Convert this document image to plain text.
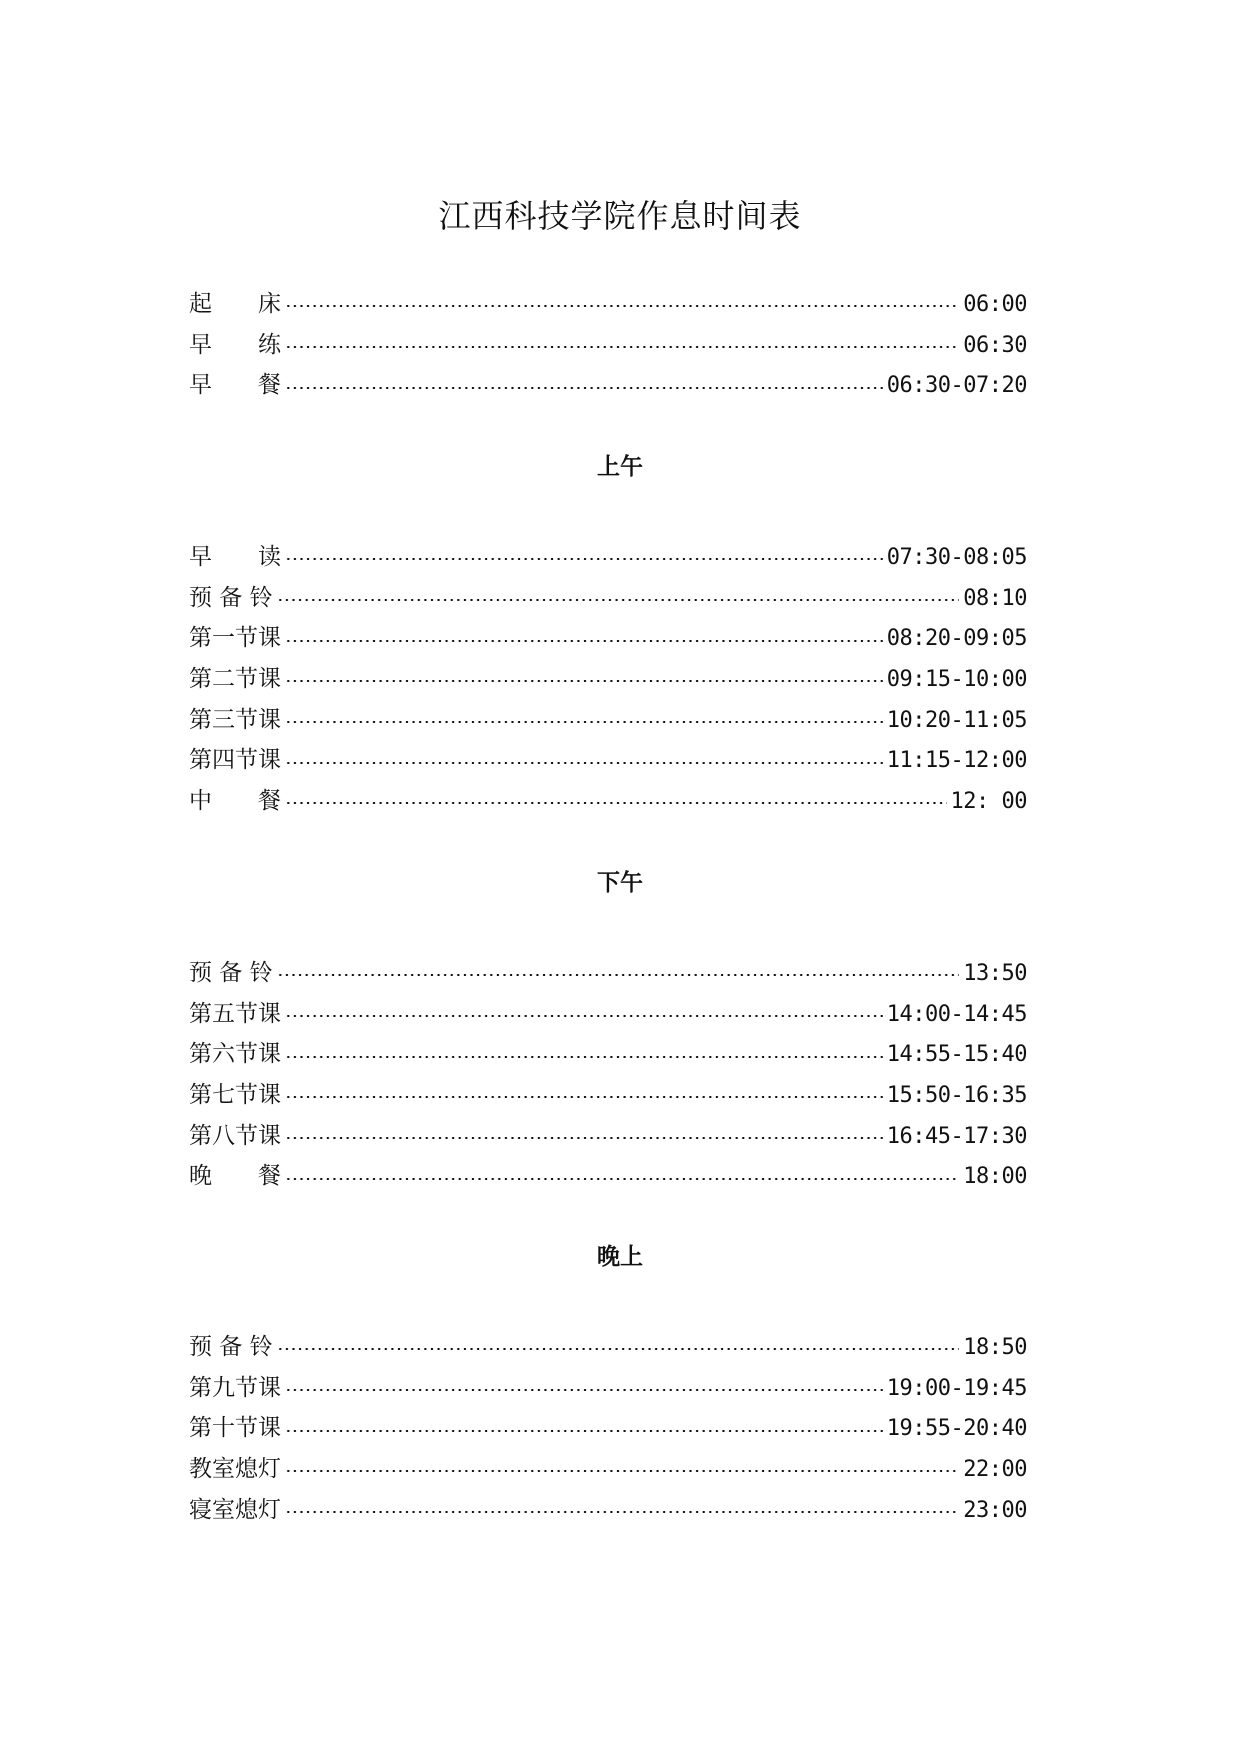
江西科技学院作息时间表
起　　床	06:00
早　　练	06:30
早　　餐	06:30-07:20
上午
早　　读	07:30-08:05
预 备 铃	08:10
第一节课	08:20-09:05
第二节课	09:15-10:00
第三节课	10:20-11:05
第四节课	11:15-12:00
中　　餐	12: 00
下午
预 备 铃	13:50
第五节课	14:00-14:45
第六节课	14:55-15:40
第七节课	15:50-16:35
第八节课	16:45-17:30
晚　　餐	18:00
晚上
预 备 铃	18:50
第九节课	19:00-19:45
第十节课	19:55-20:40
教室熄灯	22:00
寝室熄灯	23:00
